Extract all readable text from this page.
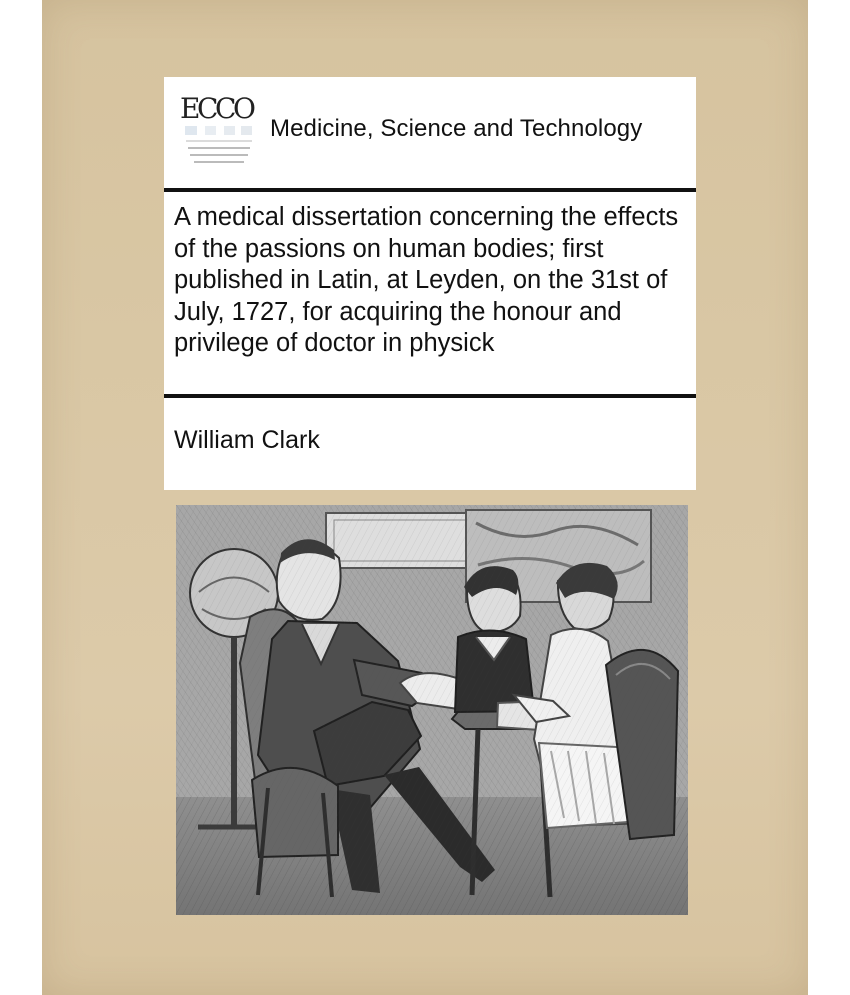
E
C
C
O
Medicine, Science and Technology
A medical dissertation concerning the effects of the passions on human bodies; first published in Latin, at Leyden, on the 31st of July, 1727, for acquiring the honour and privilege of doctor in physick

William Clark
